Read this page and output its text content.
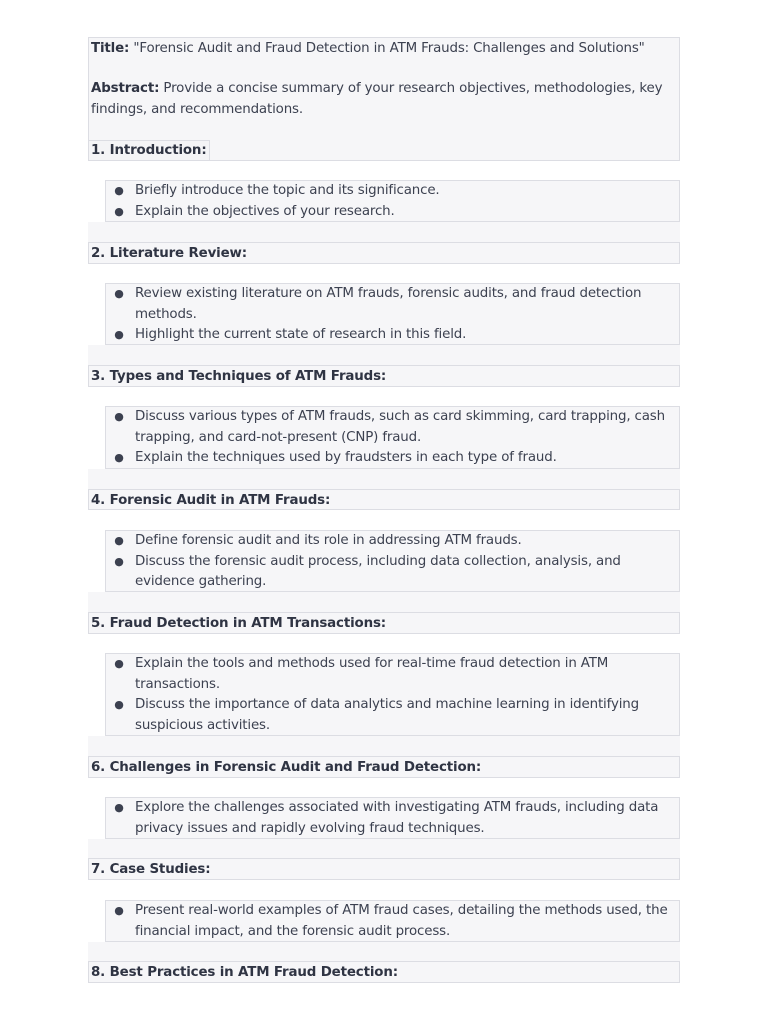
Title: "Forensic Audit and Fraud Detection in ATM Frauds: Challenges and Solutions"
Abstract: Provide a concise summary of your research objectives, methodologies, key
findings, and recommendations.
1. Introduction:
● Briefly introduce the topic and its significance.
● Explain the objectives of your research.
2. Literature Review:
● Review existing literature on ATM frauds, forensic audits, and fraud detection
methods.
● Highlight the current state of research in this field.
3. Types and Techniques of ATM Frauds:
● Discuss various types of ATM frauds, such as card skimming, card trapping, cash
trapping, and card-not-present (CNP) fraud.
● Explain the techniques used by fraudsters in each type of fraud.
4. Forensic Audit in ATM Frauds:
● Define forensic audit and its role in addressing ATM frauds.
● Discuss the forensic audit process, including data collection, analysis, and
evidence gathering.
5. Fraud Detection in ATM Transactions:
● Explain the tools and methods used for real-time fraud detection in ATM
transactions.
● Discuss the importance of data analytics and machine learning in identifying
suspicious activities.
6. Challenges in Forensic Audit and Fraud Detection:
● Explore the challenges associated with investigating ATM frauds, including data
privacy issues and rapidly evolving fraud techniques.
7. Case Studies:
● Present real-world examples of ATM fraud cases, detailing the methods used, the
financial impact, and the forensic audit process.
8. Best Practices in ATM Fraud Detection:
